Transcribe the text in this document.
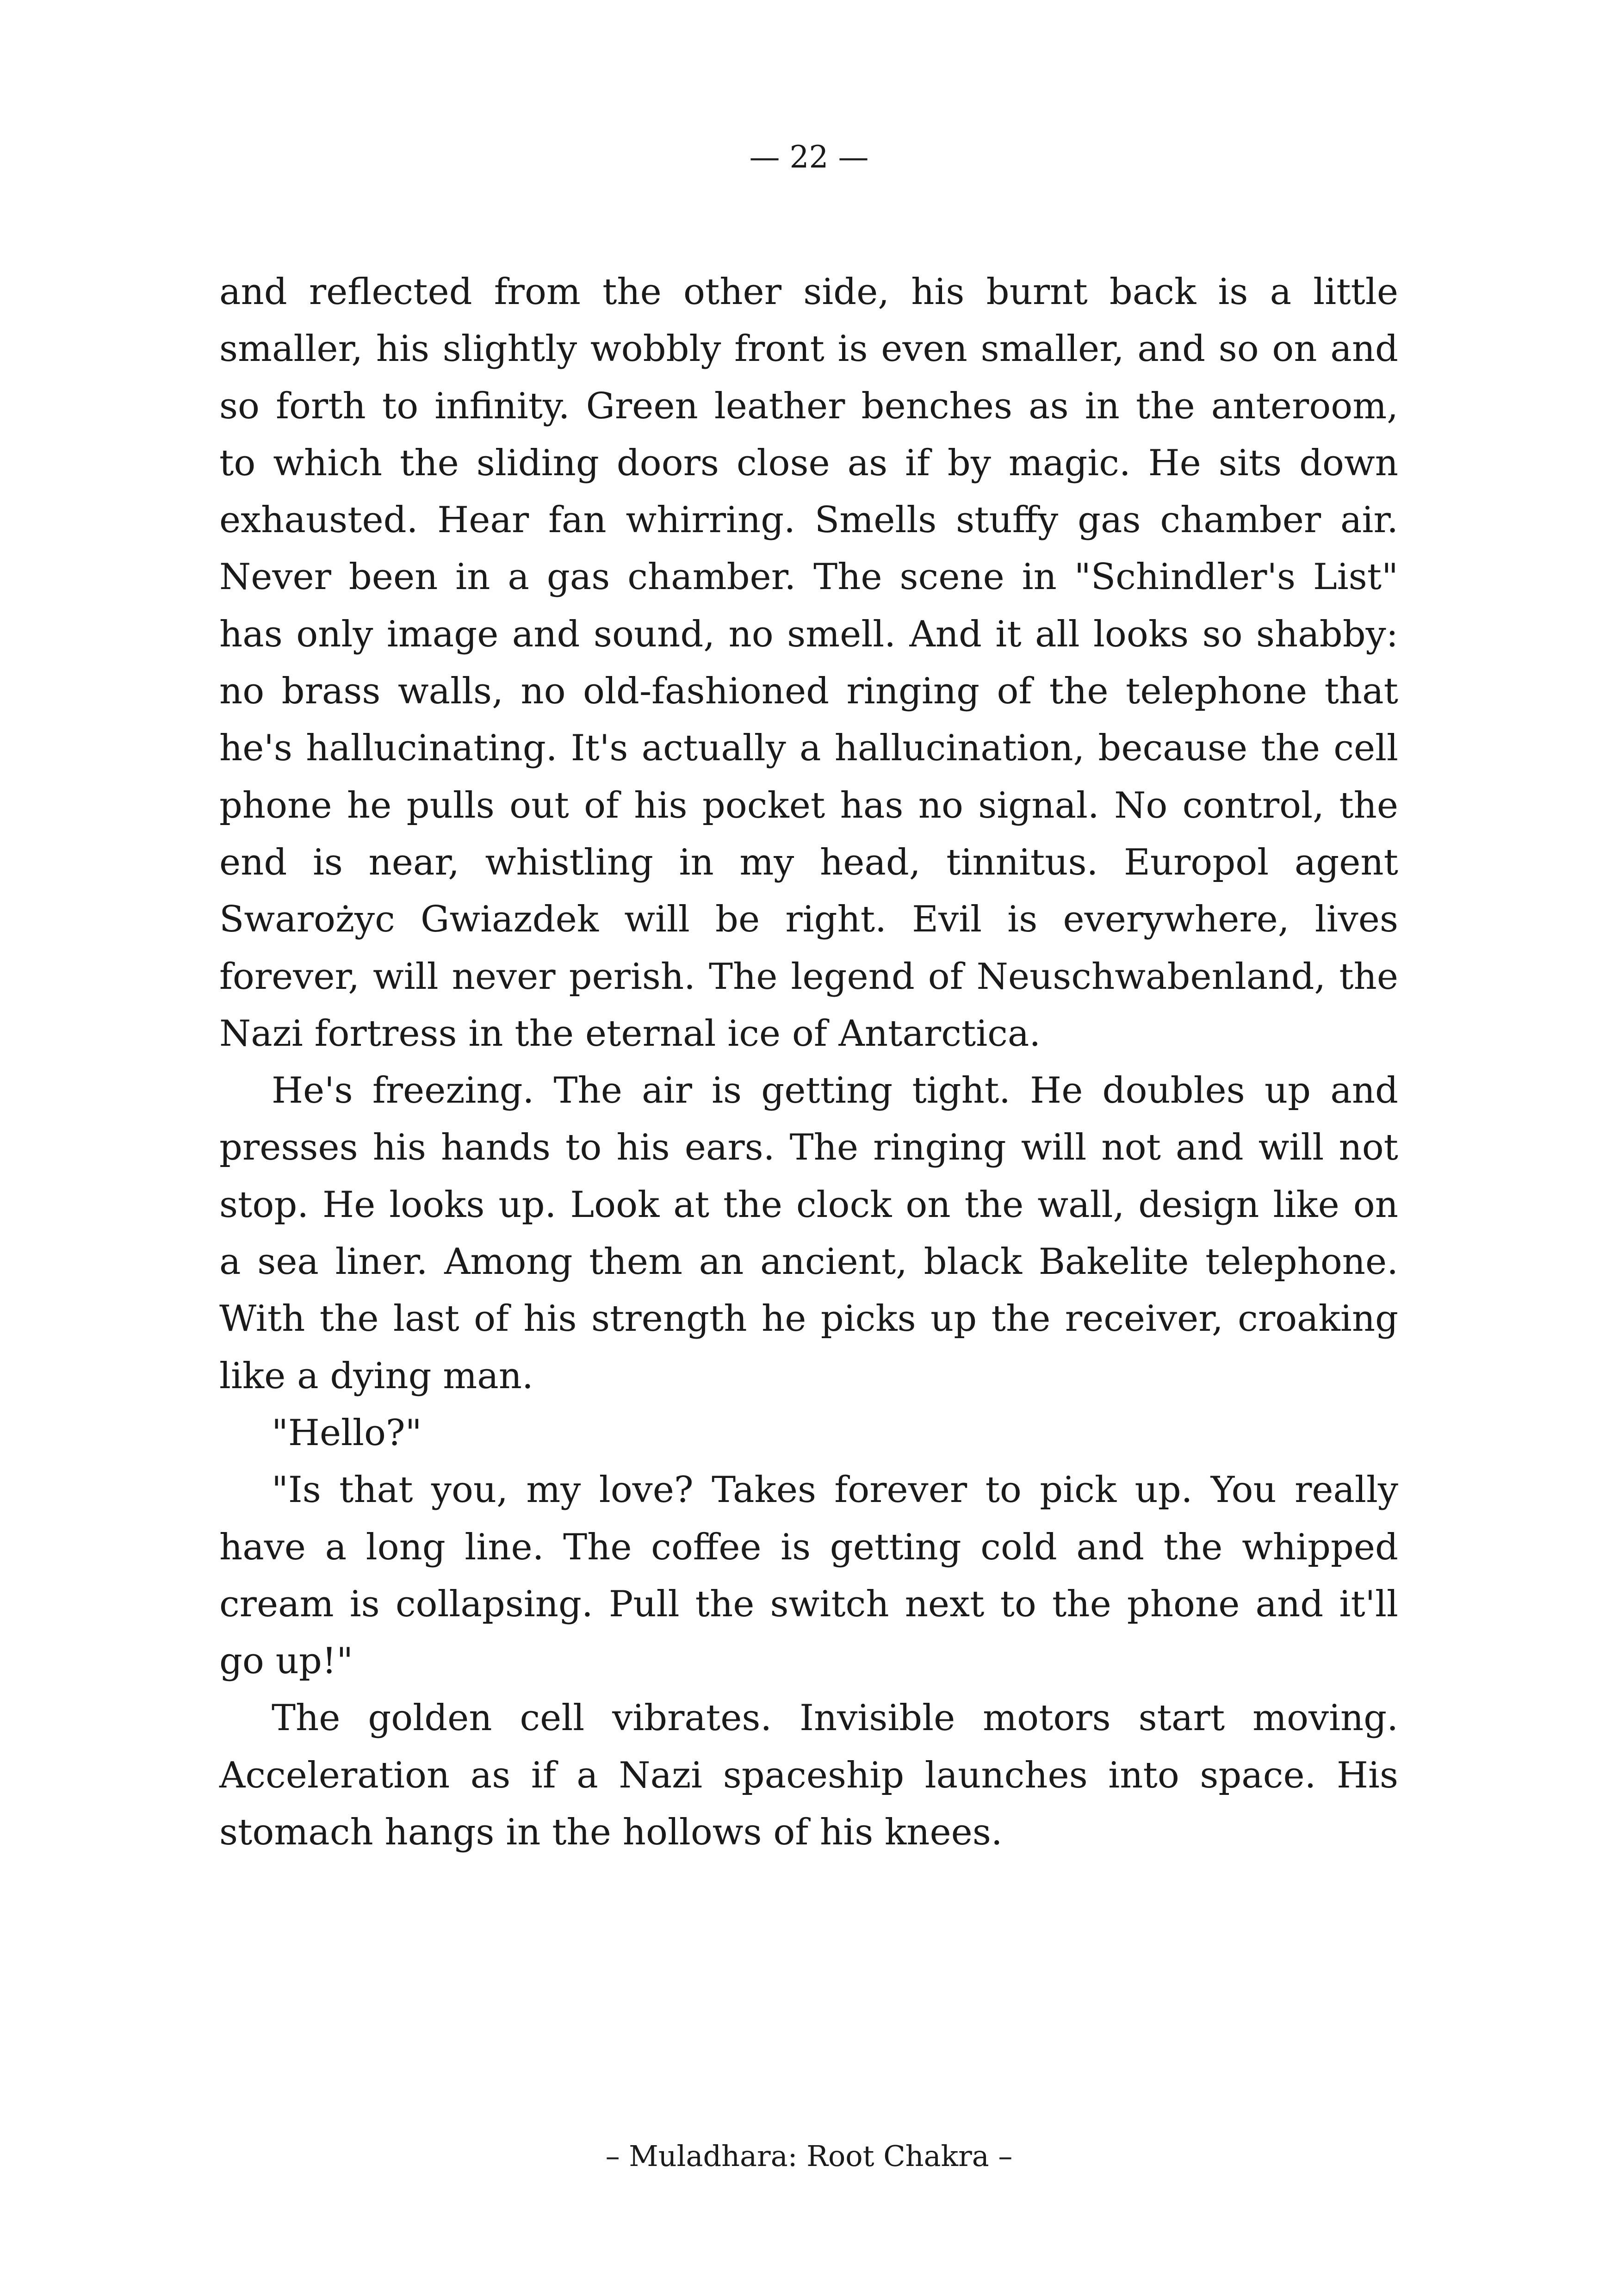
— 22 —

and reflected from the other side, his burnt back is a little smaller, his slightly wobbly front is even smaller, and so on and so forth to infinity. Green leather benches as in the anteroom, to which the sliding doors close as if by magic. He sits down exhausted. Hear fan whirring. Smells stuffy gas chamber air. Never been in a gas chamber. The scene in "Schindler's List" has only image and sound, no smell. And it all looks so shabby: no brass walls, no old-fashioned ringing of the telephone that he's hallucinating. It's actually a hallucination, because the cell phone he pulls out of his pocket has no signal. No control, the end is near, whistling in my head, tinnitus. Europol agent Swarożyc Gwiazdek will be right. Evil is everywhere, lives forever, will never perish. The legend of Neuschwabenland, the Nazi fortress in the eternal ice of Antarctica.

He's freezing. The air is getting tight. He doubles up and presses his hands to his ears. The ringing will not and will not stop. He looks up. Look at the clock on the wall, design like on a sea liner. Among them an ancient, black Bakelite telephone. With the last of his strength he picks up the receiver, croaking like a dying man.

"Hello?"

"Is that you, my love? Takes forever to pick up. You really have a long line. The coffee is getting cold and the whipped cream is collapsing. Pull the switch next to the phone and it'll go up!"

The golden cell vibrates. Invisible motors start moving. Acceleration as if a Nazi spaceship launches into space. His stomach hangs in the hollows of his knees.

– Muladhara: Root Chakra –
